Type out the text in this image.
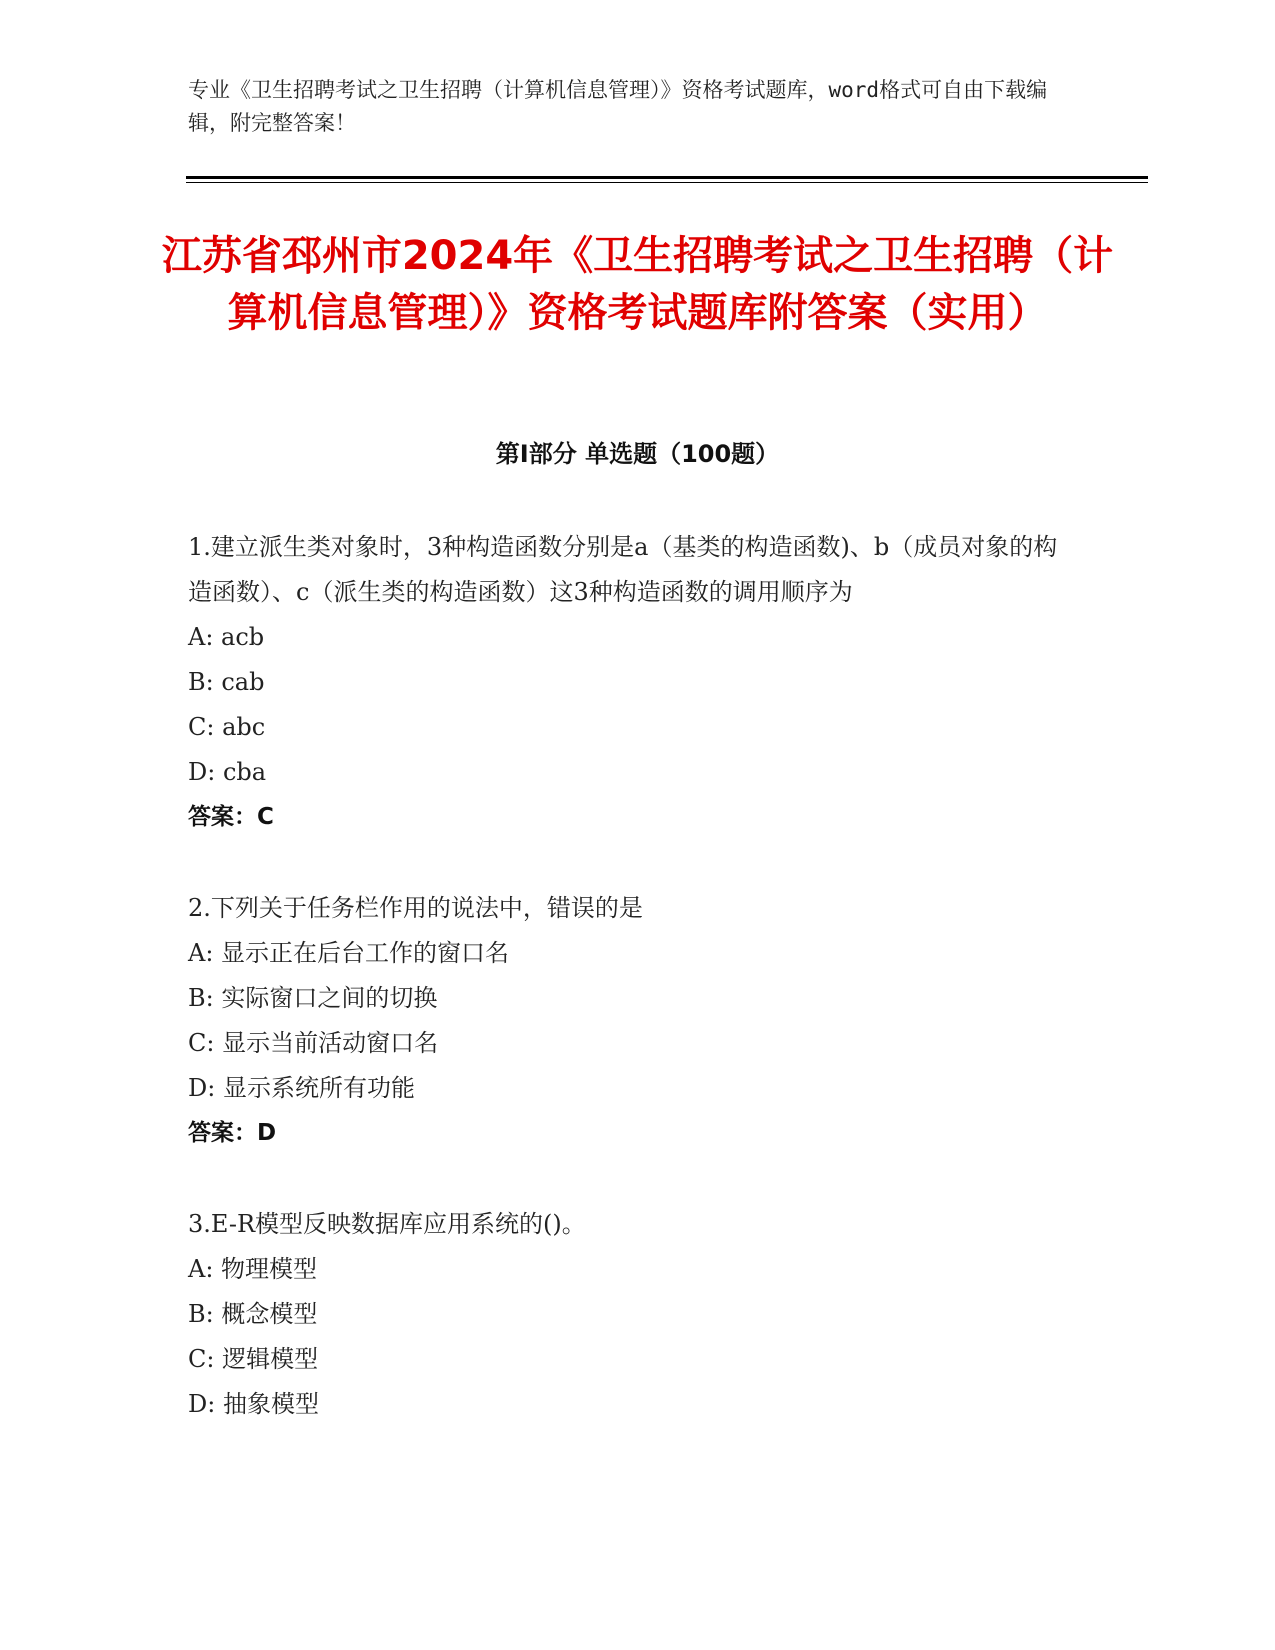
专业《卫生招聘考试之卫生招聘（计算机信息管理）》资格考试题库，word格式可自由下载编辑，附完整答案！
江苏省邳州市2024年《卫生招聘考试之卫生招聘（计算机信息管理）》资格考试题库附答案（实用）
第Ⅰ部分 单选题（100题）
1.建立派生类对象时，3种构造函数分别是a（基类的构造函数)、b（成员对象的构造函数）、c（派生类的构造函数）这3种构造函数的调用顺序为
A: acb
B: cab
C: abc
D: cba
答案：C
2.下列关于任务栏作用的说法中，错误的是
A: 显示正在后台工作的窗口名
B: 实际窗口之间的切换
C: 显示当前活动窗口名
D: 显示系统所有功能
答案：D
3.E-R模型反映数据库应用系统的()。
A: 物理模型
B: 概念模型
C: 逻辑模型
D: 抽象模型
